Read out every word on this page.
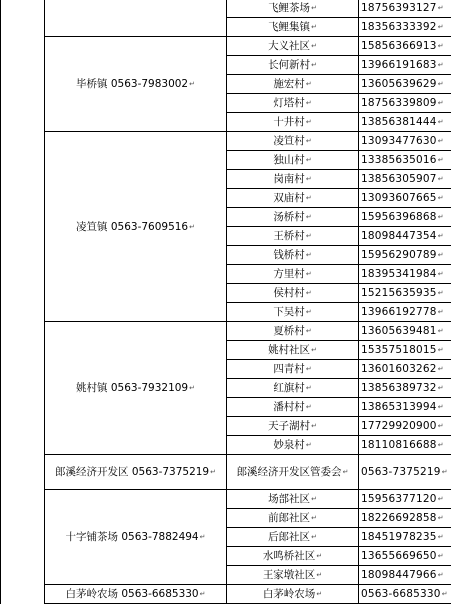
		飞鲤茶场↵	18756393127↵
		飞鲤集镇↵	18356333392↵
	毕桥镇 0563-7983002↵	大义社区↵	15856366913↵
		长何新村↵	13966191683↵
		施宏村↵	13605639629↵
		灯塔村↵	18756339809↵
		十井村↵	13856381444↵
	凌笪镇 0563-7609516↵	凌笪村↵	13093477630↵
		独山村↵	13385635016↵
		岗南村↵	13856305907↵
		双庙村↵	13093607665↵
		汤桥村↵	15956396868↵
		王桥村↵	18098447354↵
		钱桥村↵	15956290789↵
		方里村↵	18395341984↵
		侯村村↵	15215635935↵
		下吴村↵	13966192778↵
	姚村镇 0563-7932109↵	夏桥村↵	13605639481↵
		姚村社区↵	15357518015↵
		四青村↵	13601603262↵
		红旗村↵	13856389732↵
		潘村村↵	13865313994↵
		天子湖村↵	17729920900↵
		妙泉村↵	18110816688↵
	郎溪经济开发区 0563-7375219↵	郎溪经济开发区管委会↵	0563-7375219↵
	十字铺茶场 0563-7882494↵	场部社区↵	15956377120↵
		前郎社区↵	18226692858↵
		后郎社区↵	18451978235↵
		水鸣桥社区↵	13655669650↵
		王家墩社区↵	18098447966↵
	白茅岭农场 0563-6685330↵	白茅岭农场↵	0563-6685330↵
